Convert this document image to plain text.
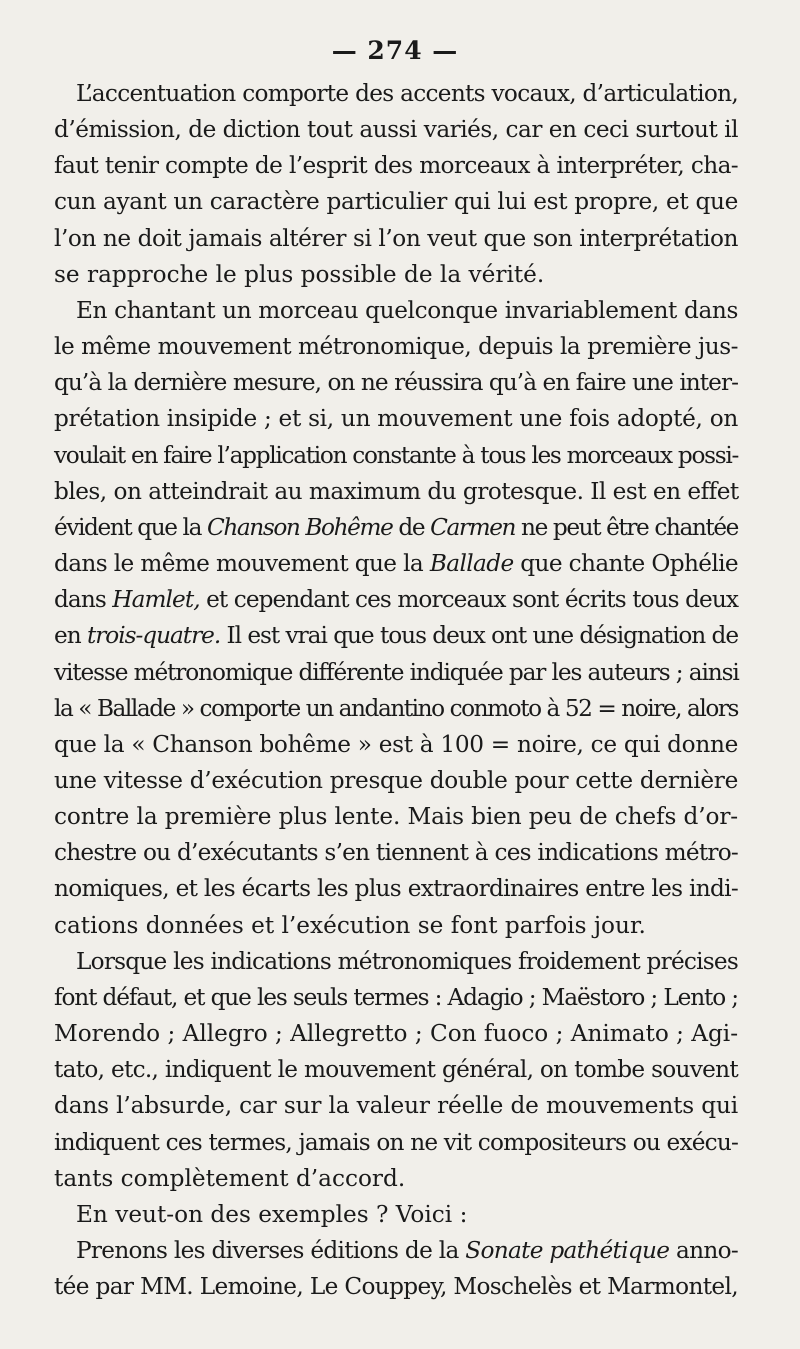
— 274 —
L’accentuation comporte des accents vocaux, d’articulation,
d’émission, de diction tout aussi variés, car en ceci surtout il
faut tenir compte de l’esprit des morceaux à interpréter, cha-
cun ayant un caractère particulier qui lui est propre, et que
l’on ne doit jamais altérer si l’on veut que son interprétation
se rapproche le plus possible de la vérité.
En chantant un morceau quelconque invariablement dans
le même mouvement métronomique, depuis la première jus-
qu’à la dernière mesure, on ne réussira qu’à en faire une inter-
prétation insipide ; et si, un mouvement une fois adopté, on
voulait en faire l’application constante à tous les morceaux possi-
bles, on atteindrait au maximum du grotesque. Il est en effet
évident que la Chanson Bohême de Carmen ne peut être chantée
dans le même mouvement que la Ballade que chante Ophélie
dans Hamlet, et cependant ces morceaux sont écrits tous deux
en trois-quatre. Il est vrai que tous deux ont une désignation de
vitesse métronomique différente indiquée par les auteurs ; ainsi
la « Ballade » comporte un andantino conmoto à 52 = noire, alors
que la « Chanson bohême » est à 100 = noire, ce qui donne
une vitesse d’exécution presque double pour cette dernière
contre la première plus lente. Mais bien peu de chefs d’or-
chestre ou d’exécutants s’en tiennent à ces indications métro-
nomiques, et les écarts les plus extraordinaires entre les indi-
cations données et l’exécution se font parfois jour.
Lorsque les indications métronomiques froidement précises
font défaut, et que les seuls termes : Adagio ; Maëstoro ; Lento ;
Morendo ; Allegro ; Allegretto ; Con fuoco ; Animato ; Agi-
tato, etc., indiquent le mouvement général, on tombe souvent
dans l’absurde, car sur la valeur réelle de mouvements qui
indiquent ces termes, jamais on ne vit compositeurs ou exécu-
tants complètement d’accord.
En veut-on des exemples ? Voici :
Prenons les diverses éditions de la Sonate pathétique anno-
tée par MM. Lemoine, Le Couppey, Moschelès et Marmontel,
